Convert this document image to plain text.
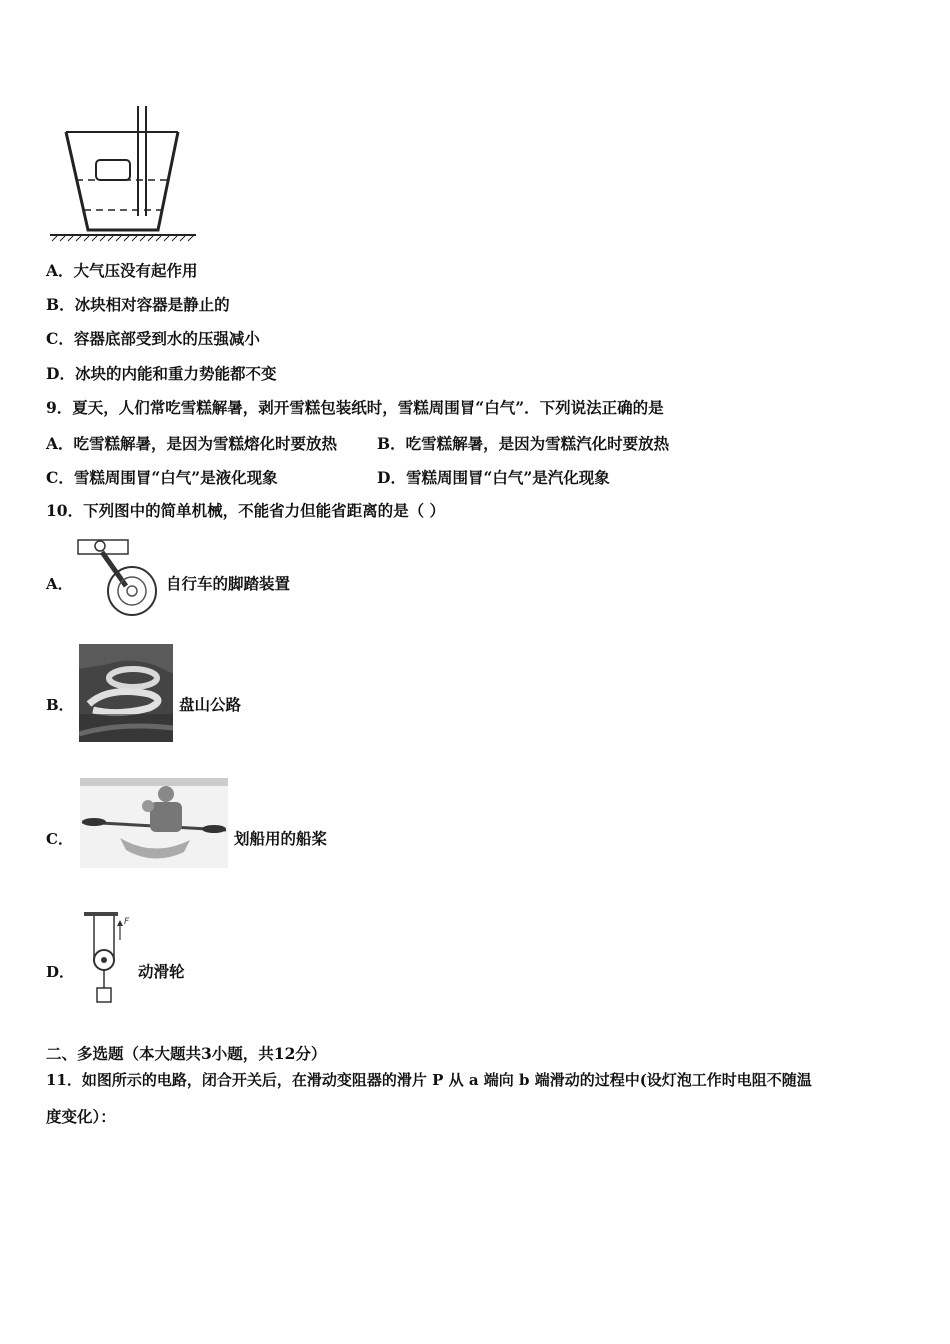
A．大气压没有起作用
B．冰块相对容器是静止的
C．容器底部受到水的压强减小
D．冰块的内能和重力势能都不变
9．夏天，人们常吃雪糕解暑，剥开雪糕包装纸时，雪糕周围冒“白气”．下列说法正确的是
A．吃雪糕解暑，是因为雪糕熔化时要放热	B．吃雪糕解暑，是因为雪糕汽化时要放热
C．雪糕周围冒“白气”是液化现象	D．雪糕周围冒“白气”是汽化现象
10．下列图中的简单机械，不能省力但能省距离的是（ ）
A．	自行车的脚踏装置
B．	盘山公路
C．	划船用的船桨
D．
F
动滑轮
二、多选题（本大题共3小题，共12分）
11．如图所示的电路，闭合开关后，在滑动变阻器的滑片 P 从 a 端向 b 端滑动的过程中(设灯泡工作时电阻不随温
度变化）：
